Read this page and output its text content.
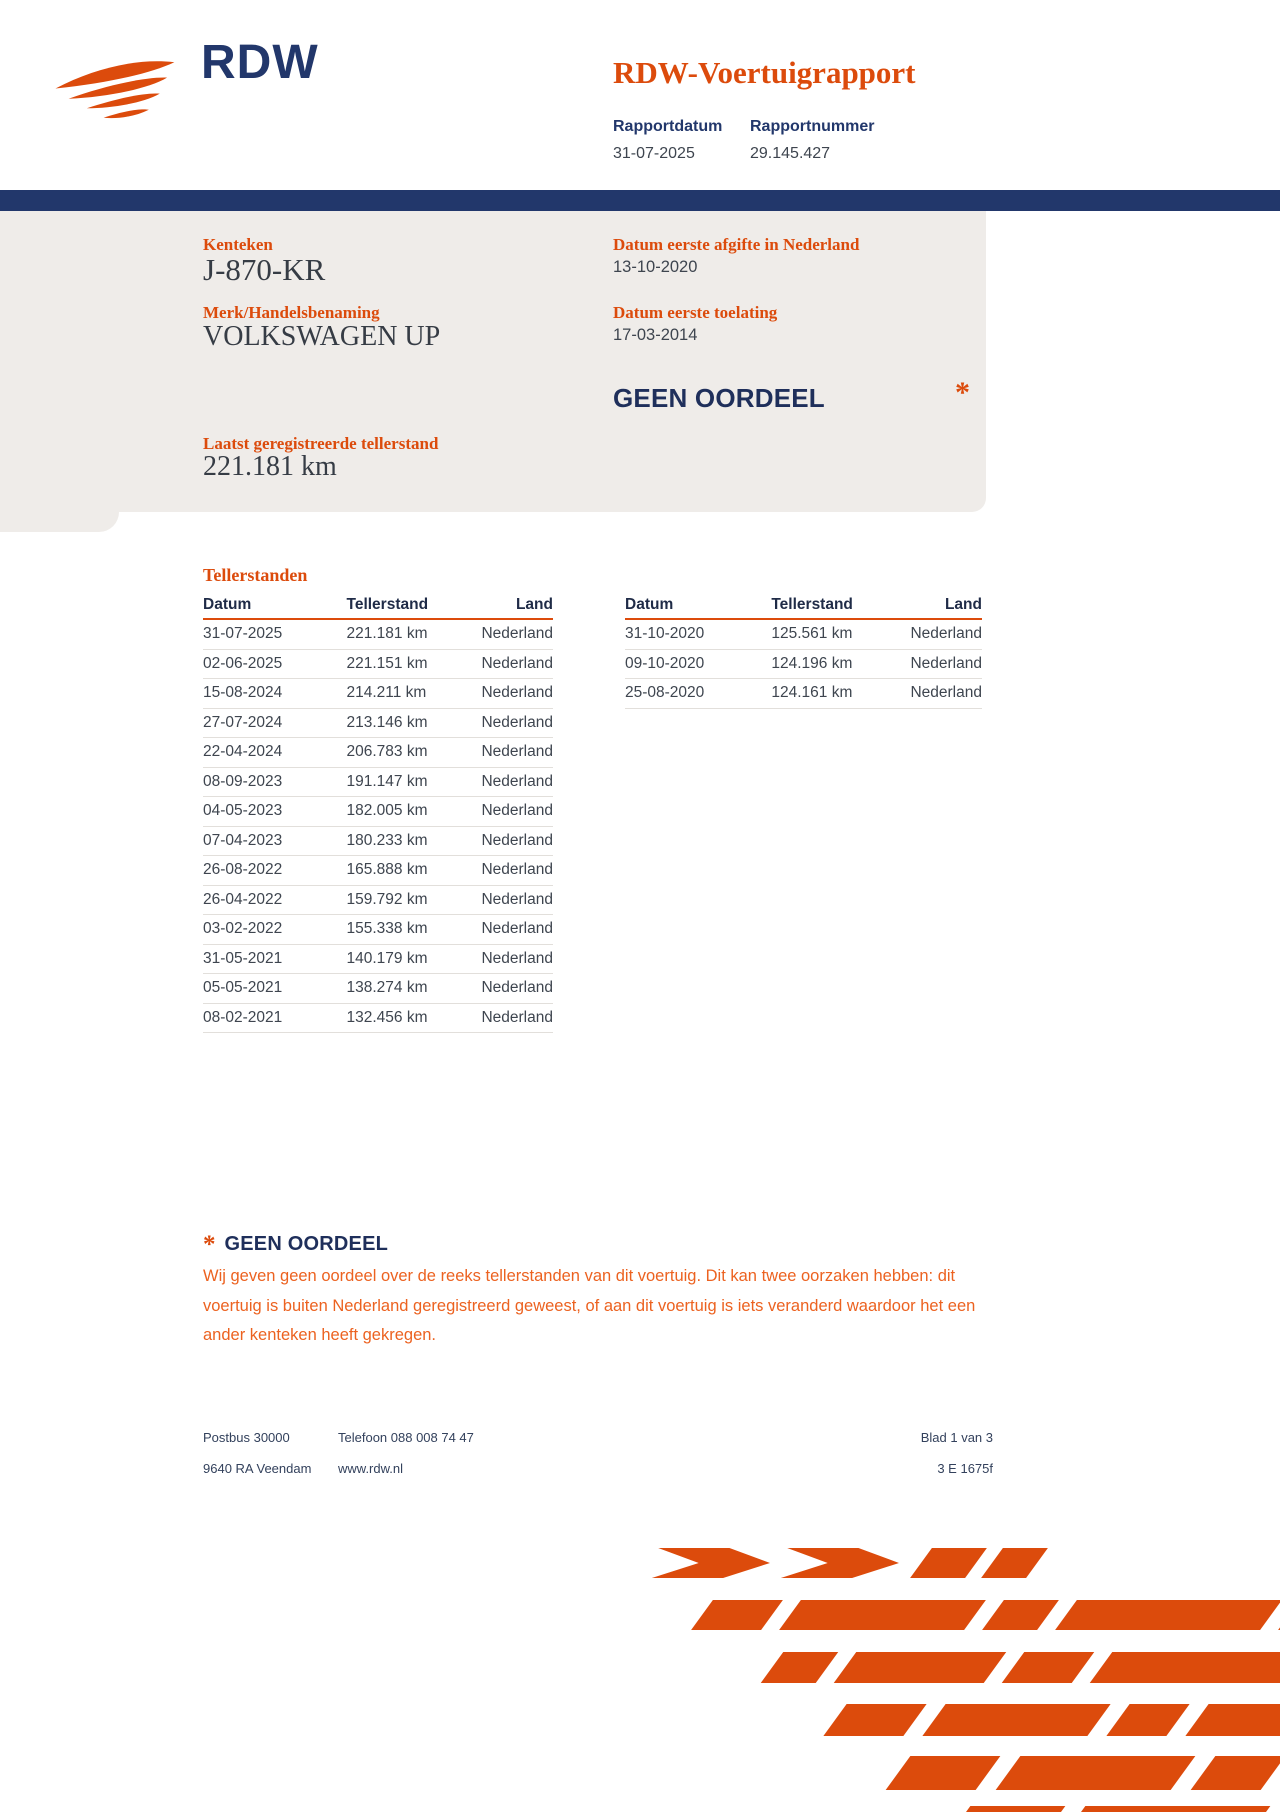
RDW	RDW-Voertuigrapport
Rapportdatum
31-07-2025
Rapportnummer
29.145.427
Kenteken
J-870-KR
Merk/Handelsbenaming
VOLKSWAGEN UP
Laatst geregistreerde tellerstand
221.181 km
Datum eerste afgifte in Nederland
13-10-2020
Datum eerste toelating
17-03-2014
GEEN OORDEEL	*
Tellerstanden
Datum	Tellerstand	Land
31-07-2025	221.181 km	Nederland
02-06-2025	221.151 km	Nederland
15-08-2024	214.211 km	Nederland
27-07-2024	213.146 km	Nederland
22-04-2024	206.783 km	Nederland
08-09-2023	191.147 km	Nederland
04-05-2023	182.005 km	Nederland
07-04-2023	180.233 km	Nederland
26-08-2022	165.888 km	Nederland
26-04-2022	159.792 km	Nederland
03-02-2022	155.338 km	Nederland
31-05-2021	140.179 km	Nederland
05-05-2021	138.274 km	Nederland
08-02-2021	132.456 km	Nederland
Datum	Tellerstand	Land
31-10-2020	125.561 km	Nederland
09-10-2020	124.196 km	Nederland
25-08-2020	124.161 km	Nederland
* GEEN OORDEEL

Wij geven geen oordeel over de reeks tellerstanden van dit voertuig. Dit kan twee oorzaken hebben: dit voertuig is buiten Nederland geregistreerd geweest, of aan dit voertuig is iets veranderd waardoor het een ander kenteken heeft gekregen.

Postbus 30000
9640 RA Veendam
Telefoon 088 008 74 47
www.rdw.nl
Blad 1 van 3
3 E 1675f
